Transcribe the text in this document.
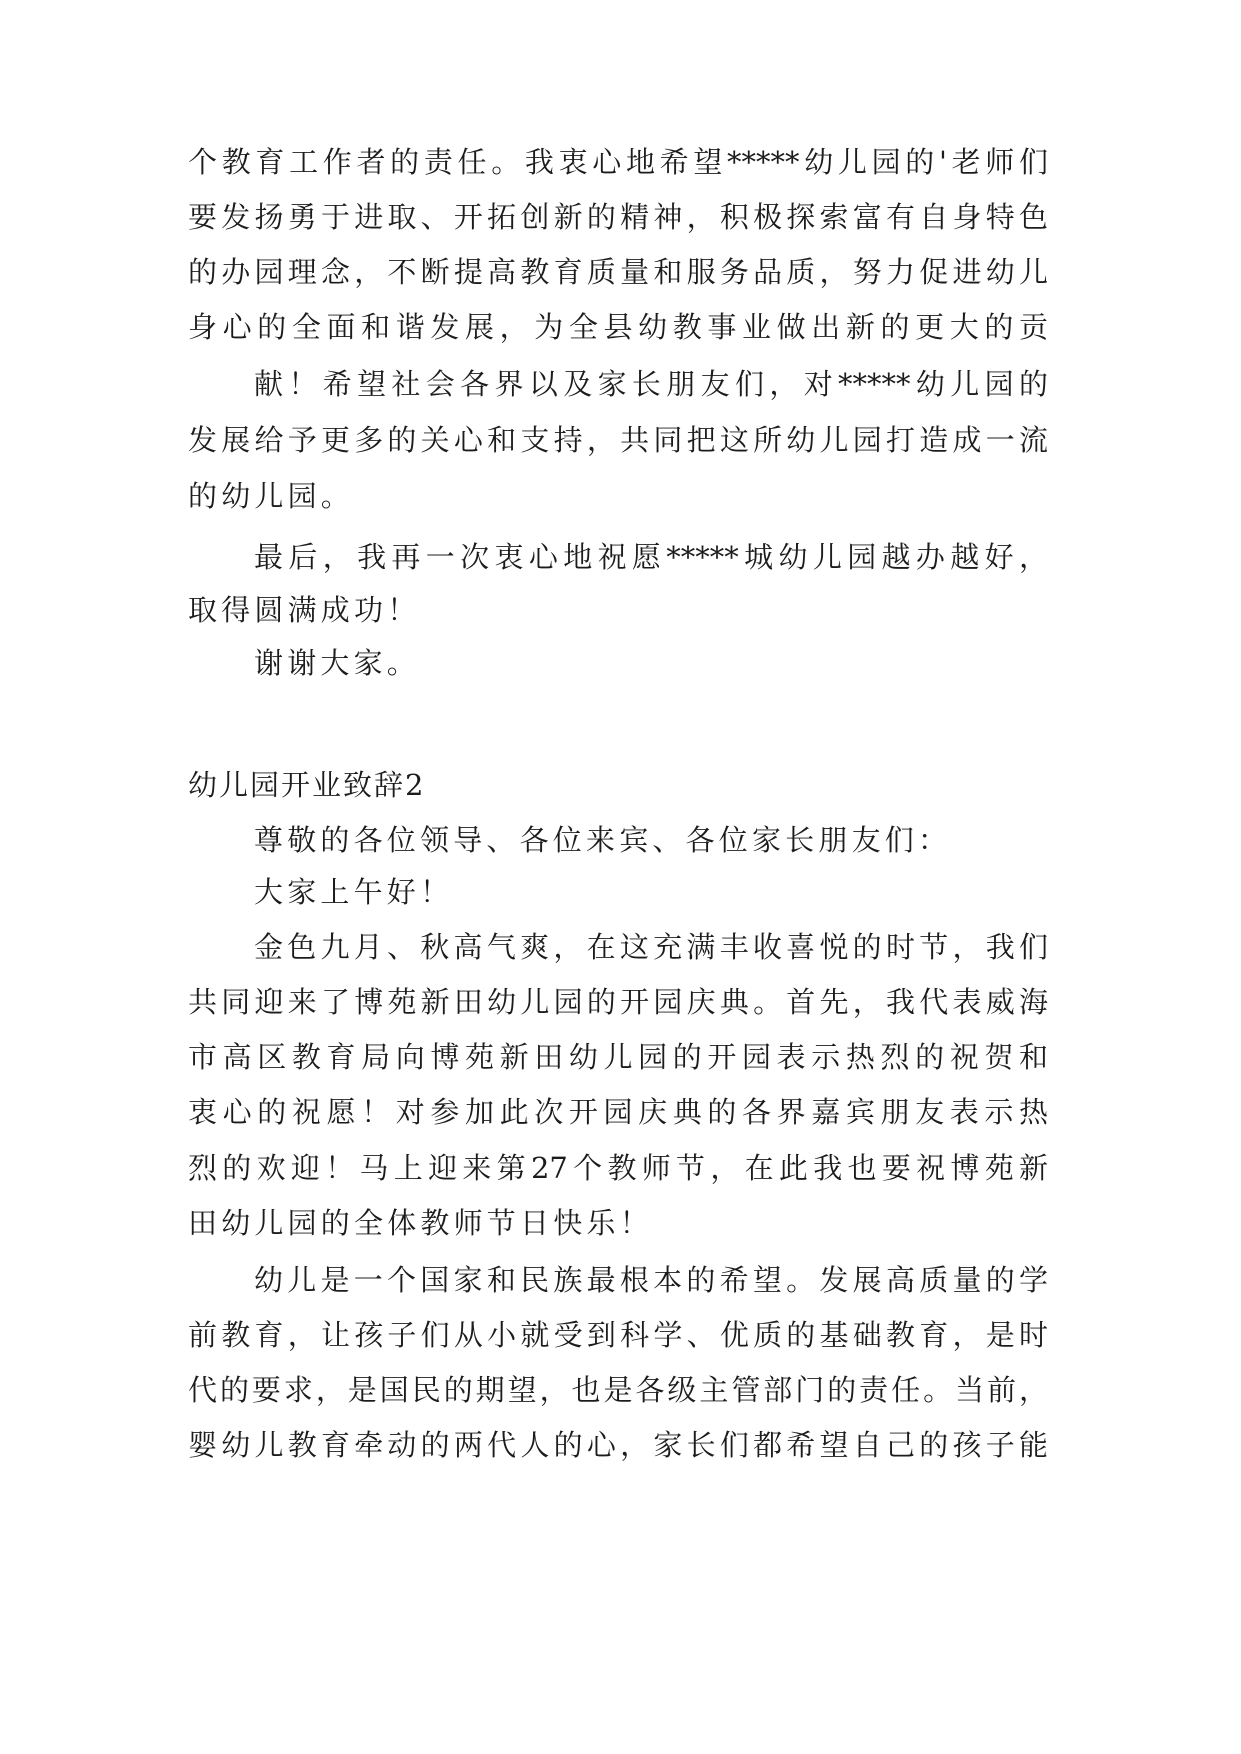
个教育工作者的责任。我衷心地希望*****幼儿园的'老师们
要发扬勇于进取、开拓创新的精神，积极探索富有自身特色
的办园理念，不断提高教育质量和服务品质，努力促进幼儿
身心的全面和谐发展，为全县幼教事业做出新的更大的贡
献！希望社会各界以及家长朋友们，对*****幼儿园的
发展给予更多的关心和支持，共同把这所幼儿园打造成一流
的幼儿园。
最后，我再一次衷心地祝愿*****城幼儿园越办越好，
取得圆满成功！
谢谢大家。
幼儿园开业致辞2
尊敬的各位领导、各位来宾、各位家长朋友们：
大家上午好！
金色九月、秋高气爽，在这充满丰收喜悦的时节，我们
共同迎来了博苑新田幼儿园的开园庆典。首先，我代表威海
市高区教育局向博苑新田幼儿园的开园表示热烈的祝贺和
衷心的祝愿！对参加此次开园庆典的各界嘉宾朋友表示热
烈的欢迎！马上迎来第27个教师节，在此我也要祝博苑新
田幼儿园的全体教师节日快乐！
幼儿是一个国家和民族最根本的希望。发展高质量的学
前教育，让孩子们从小就受到科学、优质的基础教育，是时
代的要求，是国民的期望，也是各级主管部门的责任。当前，
婴幼儿教育牵动的两代人的心，家长们都希望自己的孩子能
